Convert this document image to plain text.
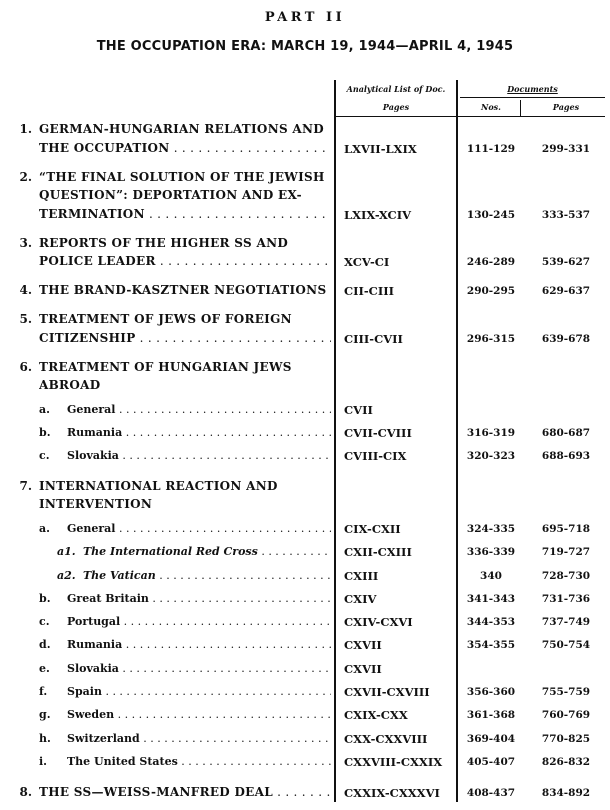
PART II
THE OCCUPATION ERA: MARCH 19, 1944—APRIL 4, 1945
Analytical List of Doc.	Documents
Pages	Nos.	Pages
1. GERMAN-HUNGARIAN RELATIONS AND
THE OCCUPATION . . .	LXVII-LXIX	111-129	299-331
2. “THE FINAL SOLUTION OF THE JEWISH
QUESTION”: DEPORTATION AND EX-
TERMINATION . . .	LXIX-XCIV	130-245	333-537
3. REPORTS OF THE HIGHER SS AND
POLICE LEADER . . .	XCV-CI	246-289	539-627
4. THE BRAND-KASZTNER NEGOTIATIONS . . .	CII-CIII	290-295	629-637
5. TREATMENT OF JEWS OF FOREIGN
CITIZENSHIP . . .	CIII-CVII	296-315	639-678
6. TREATMENT OF HUNGARIAN JEWS
ABROAD
a. General . . .	CVII
b. Rumania . . .	CVII-CVIII	316-319	680-687
c. Slovakia . . .	CVIII-CIX	320-323	688-693
7. INTERNATIONAL REACTION AND
INTERVENTION
a. General . . .	CIX-CXII	324-335	695-718
a1. The International Red Cross . . .	CXII-CXIII	336-339	719-727
a2. The Vatican . . .	CXIII	340	728-730
b. Great Britain . . .	CXIV	341-343	731-736
c. Portugal . . .	CXIV-CXVI	344-353	737-749
d. Rumania . . .	CXVII	354-355	750-754
e. Slovakia . . .	CXVII
f. Spain . . .	CXVII-CXVIII	356-360	755-759
g. Sweden . . .	CXIX-CXX	361-368	760-769
h. Switzerland . . .	CXX-CXXVIII	369-404	770-825
i. The United States . . .	CXXVIII-CXXIX	405-407	826-832
8. THE SS—WEISS-MANFRED DEAL . . .	CXXIX-CXXXVI	408-437	834-892
